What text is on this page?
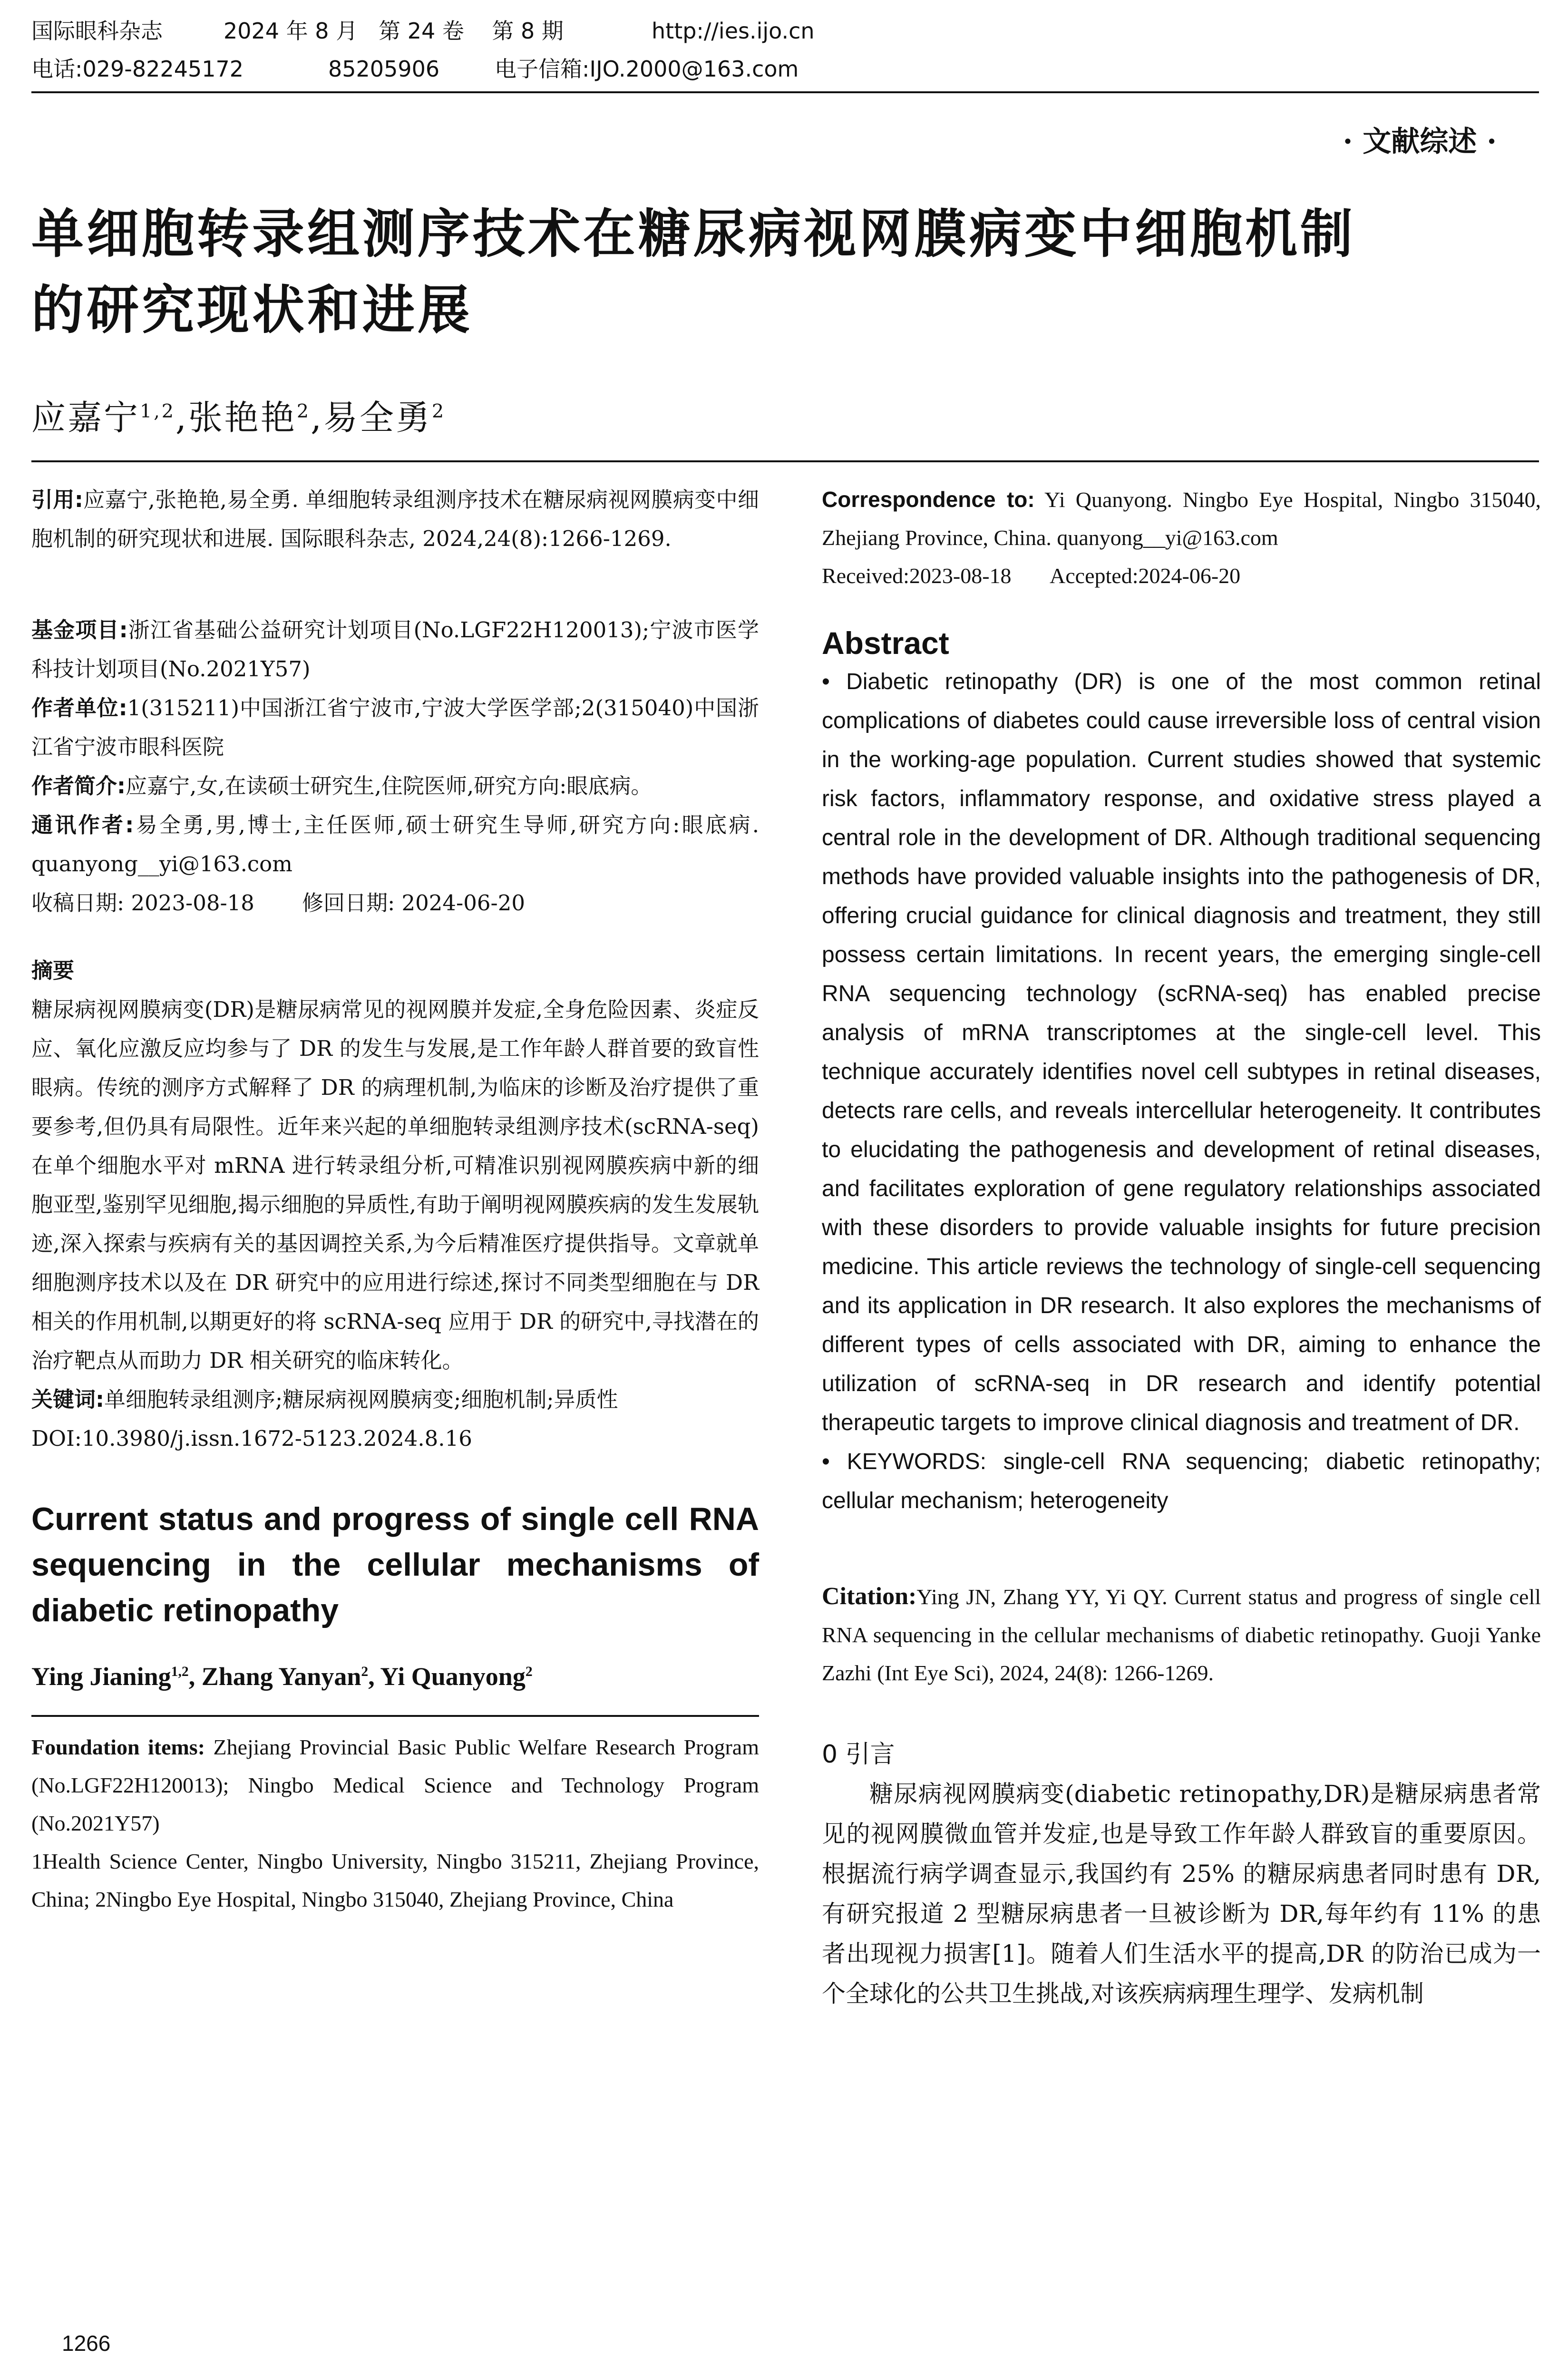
国际眼科杂志	2024 年 8 月   第 24 卷    第 8 期	http://ies.ijo.cn
电话:029-82245172	85205906	电子信箱:IJO.2000@163.com
· 文献综述 ·
单细胞转录组测序技术在糖尿病视网膜病变中细胞机制
的研究现状和进展
应嘉宁$^{1,2}$,张艳艳$^2$,易全勇$^2$

引用:应嘉宁,张艳艳,易全勇. 单细胞转录组测序技术在糖尿病视网膜病变中细胞机制的研究现状和进展. 国际眼科杂志, 2024,24(8):1266-1269.

基金项目:浙江省基础公益研究计划项目(No.LGF22H120013);宁波市医学科技计划项目(No.2021Y57)

作者单位:1(315211)中国浙江省宁波市,宁波大学医学部;2(315040)中国浙江省宁波市眼科医院

作者简介:应嘉宁,女,在读硕士研究生,住院医师,研究方向:眼底病。

通讯作者:易全勇,男,博士,主任医师,硕士研究生导师,研究方向:眼底病. quanyong__yi@163.com

收稿日期: 2023-08-18 修回日期: 2024-06-20

摘要

糖尿病视网膜病变(DR)是糖尿病常见的视网膜并发症,全身危险因素、炎症反应、氧化应激反应均参与了 DR 的发生与发展,是工作年龄人群首要的致盲性眼病。传统的测序方式解释了 DR 的病理机制,为临床的诊断及治疗提供了重要参考,但仍具有局限性。近年来兴起的单细胞转录组测序技术(scRNA-seq)在单个细胞水平对 mRNA 进行转录组分析,可精准识别视网膜疾病中新的细胞亚型,鉴别罕见细胞,揭示细胞的异质性,有助于阐明视网膜疾病的发生发展轨迹,深入探索与疾病有关的基因调控关系,为今后精准医疗提供指导。文章就单细胞测序技术以及在 DR 研究中的应用进行综述,探讨不同类型细胞在与 DR 相关的作用机制,以期更好的将 scRNA-seq 应用于 DR 的研究中,寻找潜在的治疗靶点从而助力 DR 相关研究的临床转化。

关键词:单细胞转录组测序;糖尿病视网膜病变;细胞机制;异质性

DOI:10.3980/j.issn.1672-5123.2024.8.16

Current status and progress of single cell RNA sequencing in the cellular mechanisms of diabetic retinopathy

Ying Jianing$^{1,2}$, Zhang Yanyan$^2$, Yi Quanyong$^2$

Foundation items: Zhejiang Provincial Basic Public Welfare Research Program (No.LGF22H120013); Ningbo Medical Science and Technology Program (No.2021Y57)

1Health Science Center, Ningbo University, Ningbo 315211, Zhejiang Province, China; 2Ningbo Eye Hospital, Ningbo 315040, Zhejiang Province, China

Correspondence to: Yi Quanyong. Ningbo Eye Hospital, Ningbo 315040, Zhejiang Province, China. quanyong__yi@163.com

Received:2023-08-18 Accepted:2024-06-20

Abstract

• Diabetic retinopathy (DR) is one of the most common retinal complications of diabetes could cause irreversible loss of central vision in the working-age population. Current studies showed that systemic risk factors, inflammatory response, and oxidative stress played a central role in the development of DR. Although traditional sequencing methods have provided valuable insights into the pathogenesis of DR, offering crucial guidance for clinical diagnosis and treatment, they still possess certain limitations. In recent years, the emerging single-cell RNA sequencing technology (scRNA-seq) has enabled precise analysis of mRNA transcriptomes at the single-cell level. This technique accurately identifies novel cell subtypes in retinal diseases, detects rare cells, and reveals intercellular heterogeneity. It contributes to elucidating the pathogenesis and development of retinal diseases, and facilitates exploration of gene regulatory relationships associated with these disorders to provide valuable insights for future precision medicine. This article reviews the technology of single-cell sequencing and its application in DR research. It also explores the mechanisms of different types of cells associated with DR, aiming to enhance the utilization of scRNA-seq in DR research and identify potential therapeutic targets to improve clinical diagnosis and treatment of DR.

• KEYWORDS: single-cell RNA sequencing; diabetic retinopathy; cellular mechanism; heterogeneity

Citation:Ying JN, Zhang YY, Yi QY. Current status and progress of single cell RNA sequencing in the cellular mechanisms of diabetic retinopathy. Guoji Yanke Zazhi (Int Eye Sci), 2024, 24(8): 1266-1269.

0 引言

糖尿病视网膜病变(diabetic retinopathy,DR)是糖尿病患者常见的视网膜微血管并发症,也是导致工作年龄人群致盲的重要原因。根据流行病学调查显示,我国约有 25% 的糖尿病患者同时患有 DR,有研究报道 2 型糖尿病患者一旦被诊断为 DR,每年约有 11% 的患者出现视力损害[1]。随着人们生活水平的提高,DR 的防治已成为一个全球化的公共卫生挑战,对该疾病病理生理学、发病机制

1266
